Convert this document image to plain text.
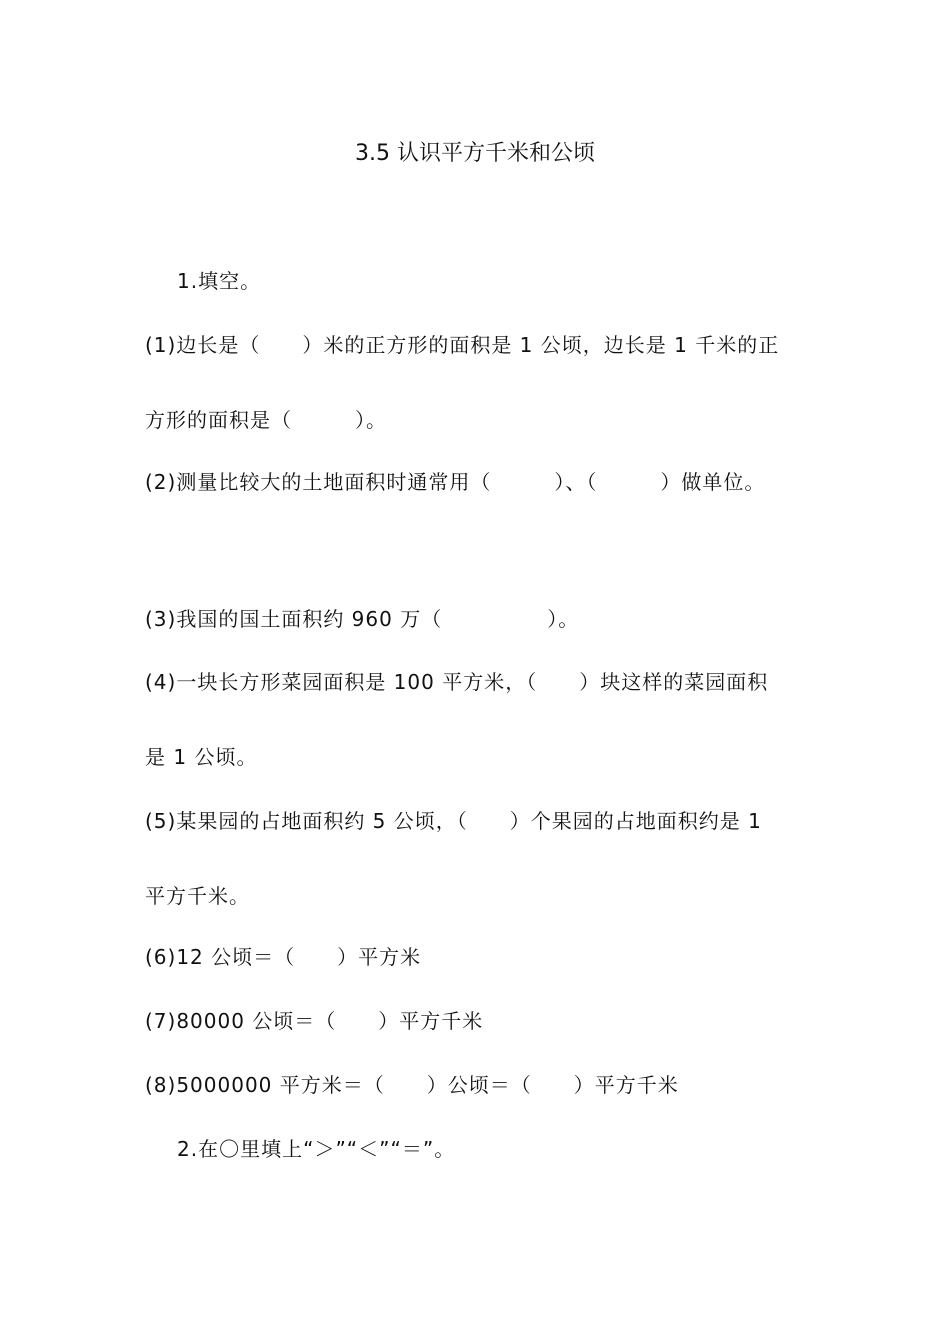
3.5 认识平方千米和公顷
1.填空。
(1)边长是（　　）米的正方形的面积是 1 公顷，边长是 1 千米的正
方形的面积是（　　　）。
(2)测量比较大的土地面积时通常用（　　　）、（　　　）做单位。
(3)我国的国土面积约 960 万（　　　　　）。
(4)一块长方形菜园面积是 100 平方米，（　　）块这样的菜园面积
是 1 公顷。
(5)某果园的占地面积约 5 公顷，（　　）个果园的占地面积约是 1
平方千米。
(6)12 公顷＝（　　）平方米
(7)80000 公顷＝（　　）平方千米
(8)5000000 平方米＝（　　）公顷＝（　　）平方千米
2.在〇里填上“＞”“＜”“＝”。
